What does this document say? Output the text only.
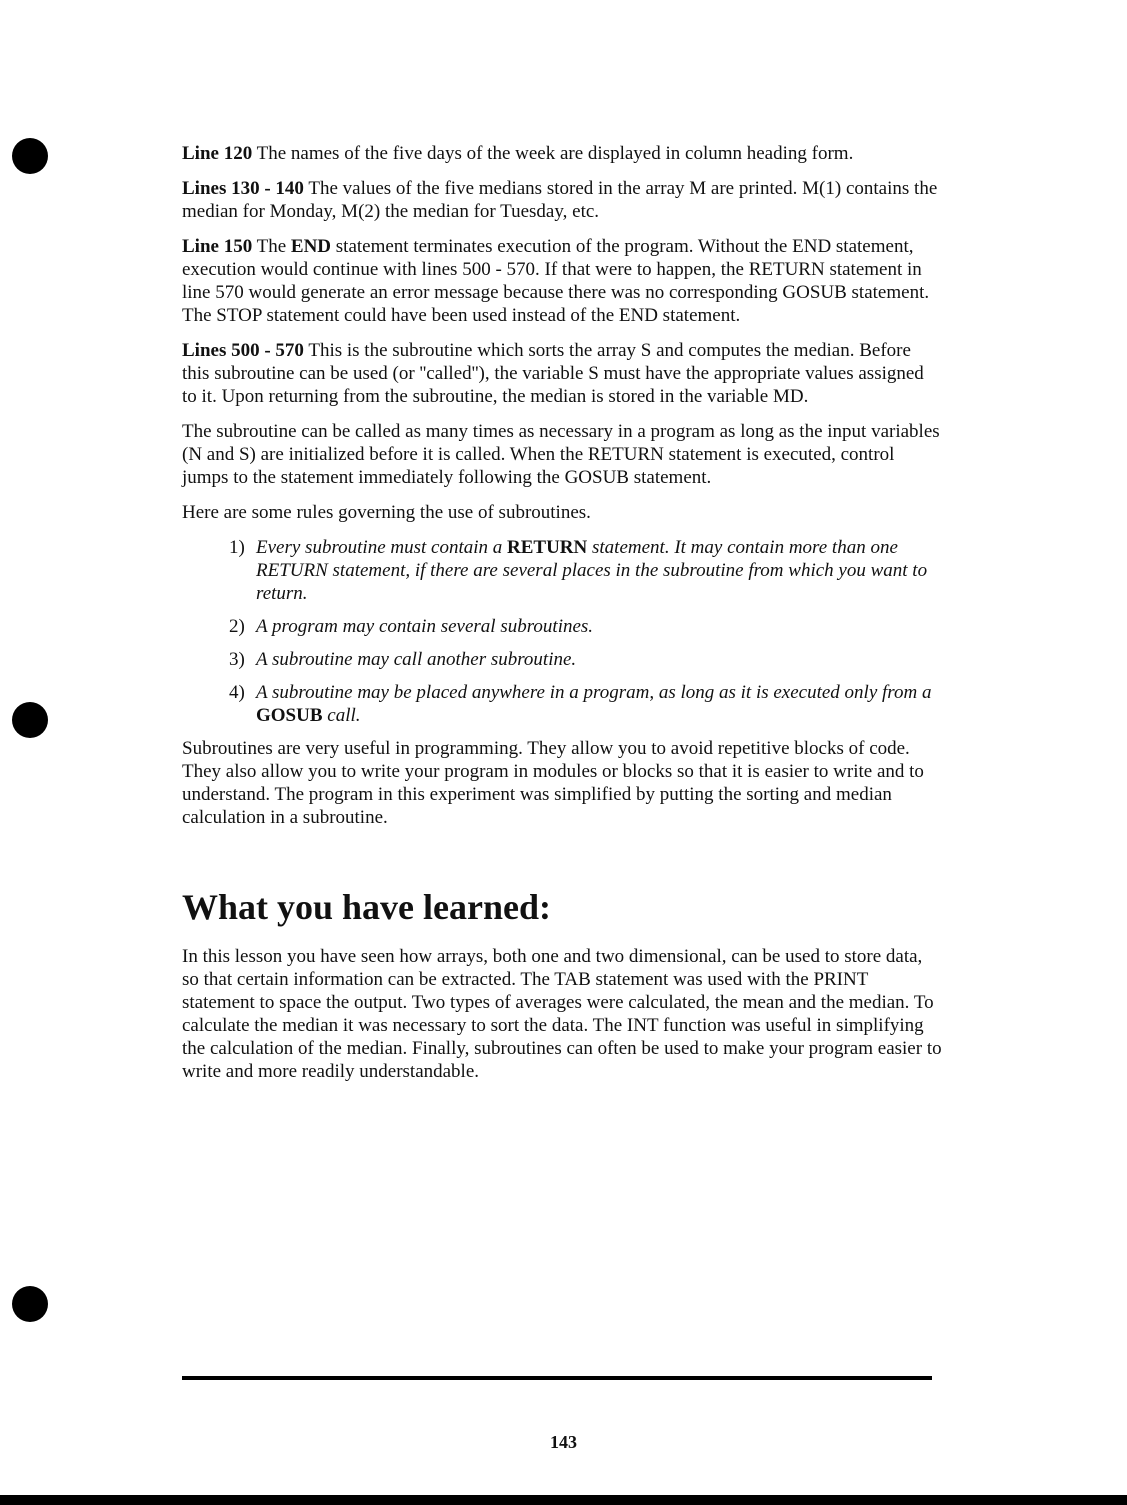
Line 120 The names of the five days of the week are displayed in column heading form.

Lines 130 - 140 The values of the five medians stored in the array M are printed. M(1) contains the median for Monday, M(2) the median for Tuesday, etc.

Line 150 The END statement terminates execution of the program. Without the END statement, execution would continue with lines 500 - 570. If that were to happen, the RETURN statement in line 570 would generate an error message because there was no corresponding GOSUB statement. The STOP statement could have been used instead of the END statement.

Lines 500 - 570 This is the subroutine which sorts the array S and computes the median. Before this subroutine can be used (or ''called''), the variable S must have the appropriate values assigned to it. Upon returning from the subroutine, the median is stored in the variable MD.

The subroutine can be called as many times as necessary in a program as long as the input variables (N and S) are initialized before it is called. When the RETURN statement is executed, control jumps to the statement immediately following the GOSUB statement.

Here are some rules governing the use of subroutines.

1) Every subroutine must contain a RETURN statement. It may contain more than one RETURN statement, if there are several places in the subroutine from which you want to return.
2) A program may contain several subroutines.
3) A subroutine may call another subroutine.
4) A subroutine may be placed anywhere in a program, as long as it is executed only from a GOSUB call.

Subroutines are very useful in programming. They allow you to avoid repetitive blocks of code. They also allow you to write your program in modules or blocks so that it is easier to write and to understand. The program in this experiment was simplified by putting the sorting and median calculation in a subroutine.

What you have learned:

In this lesson you have seen how arrays, both one and two dimensional, can be used to store data, so that certain information can be extracted. The TAB statement was used with the PRINT statement to space the output. Two types of averages were calculated, the mean and the median. To calculate the median it was necessary to sort the data. The INT function was useful in simplifying the calculation of the median. Finally, subroutines can often be used to make your program easier to write and more readily understandable.

143
